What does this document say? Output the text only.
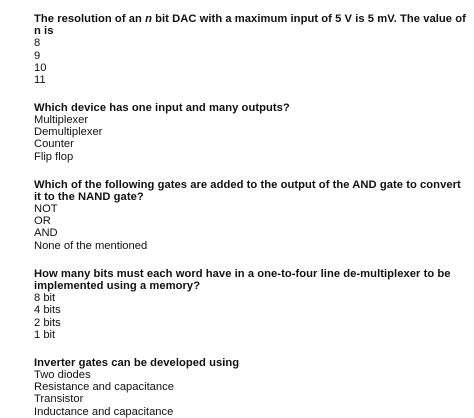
The resolution of an n bit DAC with a maximum input of 5 V is 5 mV. The value of n is

8
9
10
11

Which device has one input and many outputs?

Multiplexer
Demultiplexer
Counter
Flip flop

Which of the following gates are added to the output of the AND gate to convert it to the NAND gate?

NOT
OR
AND
None of the mentioned

How many bits must each word have in a one-to-four line de-multiplexer to be implemented using a memory?

8 bit
4 bits
2 bits
1 bit

Inverter gates can be developed using

Two diodes
Resistance and capacitance
Transistor
Inductance and capacitance
